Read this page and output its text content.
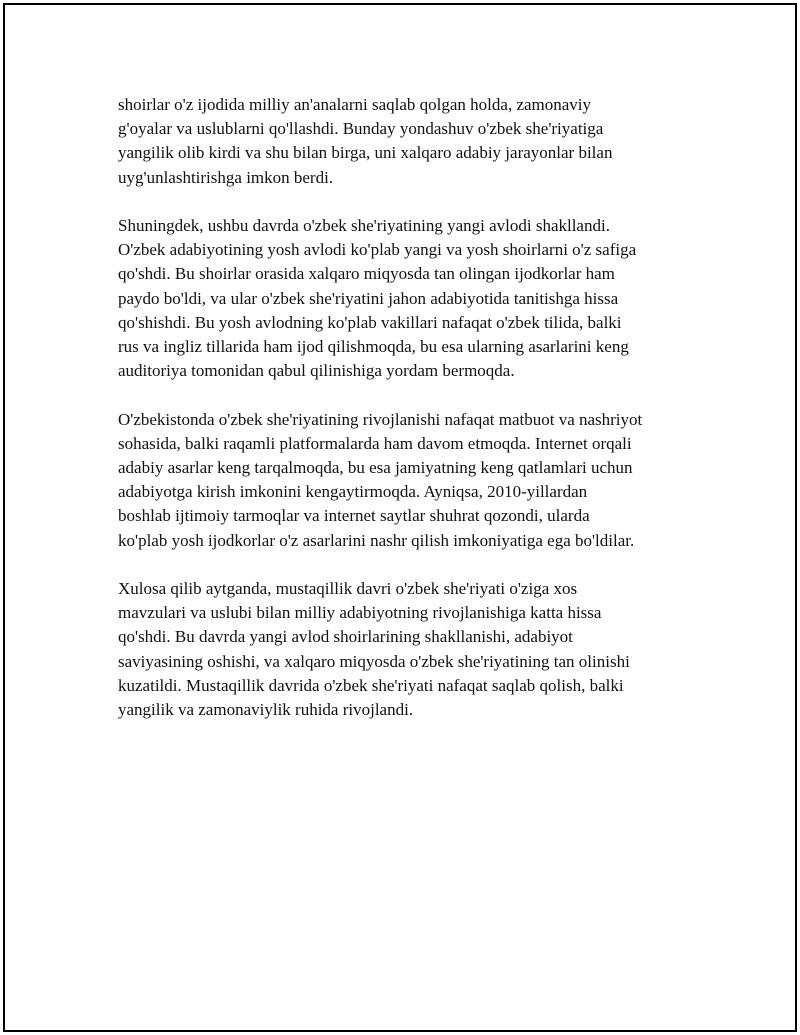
shoirlar o'z ijodida milliy an'analarni saqlab qolgan holda, zamonaviy
g'oyalar va uslublarni qo'llashdi. Bunday yondashuv o'zbek she'riyatiga
yangilik olib kirdi va shu bilan birga, uni xalqaro adabiy jarayonlar bilan
uyg'unlashtirishga imkon berdi.

Shuningdek, ushbu davrda o'zbek she'riyatining yangi avlodi shakllandi.
O'zbek adabiyotining yosh avlodi ko'plab yangi va yosh shoirlarni o'z safiga
qo'shdi. Bu shoirlar orasida xalqaro miqyosda tan olingan ijodkorlar ham
paydo bo'ldi, va ular o'zbek she'riyatini jahon adabiyotida tanitishga hissa
qo'shishdi. Bu yosh avlodning ko'plab vakillari nafaqat o'zbek tilida, balki
rus va ingliz tillarida ham ijod qilishmoqda, bu esa ularning asarlarini keng
auditoriya tomonidan qabul qilinishiga yordam bermoqda.

O'zbekistonda o'zbek she'riyatining rivojlanishi nafaqat matbuot va nashriyot
sohasida, balki raqamli platformalarda ham davom etmoqda. Internet orqali
adabiy asarlar keng tarqalmoqda, bu esa jamiyatning keng qatlamlari uchun
adabiyotga kirish imkonini kengaytirmoqda. Ayniqsa, 2010-yillardan
boshlab ijtimoiy tarmoqlar va internet saytlar shuhrat qozondi, ularda
ko'plab yosh ijodkorlar o'z asarlarini nashr qilish imkoniyatiga ega bo'ldilar.

Xulosa qilib aytganda, mustaqillik davri o'zbek she'riyati o'ziga xos
mavzulari va uslubi bilan milliy adabiyotning rivojlanishiga katta hissa
qo'shdi. Bu davrda yangi avlod shoirlarining shakllanishi, adabiyot
saviyasining oshishi, va xalqaro miqyosda o'zbek she'riyatining tan olinishi
kuzatildi. Mustaqillik davrida o'zbek she'riyati nafaqat saqlab qolish, balki
yangilik va zamonaviylik ruhida rivojlandi.
